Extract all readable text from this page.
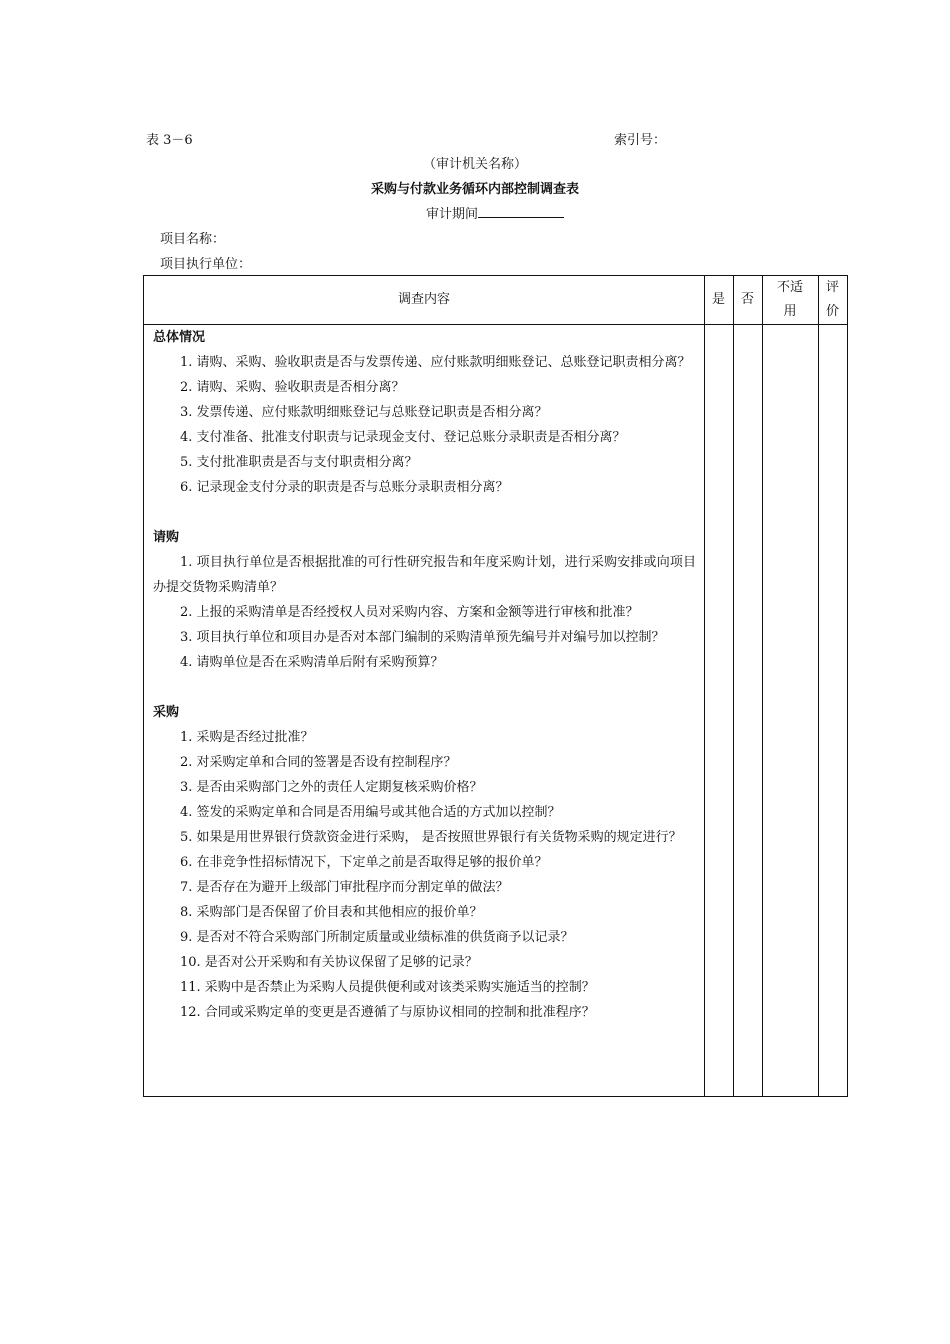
表 3－6	索引号：
（审计机关名称）
采购与付款业务循环内部控制调查表
审计期间
项目名称：
项目执行单位：
调查内容	是 否
不适
用
评
价
总体情况
1. 请购、采购、验收职责是否与发票传递、应付账款明细账登记、总账登记职责相分离？
2. 请购、采购、验收职责是否相分离？
3. 发票传递、应付账款明细账登记与总账登记职责是否相分离？
4. 支付准备、批准支付职责与记录现金支付、登记总账分录职责是否相分离？
5. 支付批准职责是否与支付职责相分离？
6. 记录现金支付分录的职责是否与总账分录职责相分离？
请购
1. 项目执行单位是否根据批准的可行性研究报告和年度采购计划，进行采购安排或向项目办提交货物采购清单？
2. 上报的采购清单是否经授权人员对采购内容、方案和金额等进行审核和批准？
3. 项目执行单位和项目办是否对本部门编制的采购清单预先编号并对编号加以控制？
4. 请购单位是否在采购清单后附有采购预算？
采购
1. 采购是否经过批准？
2. 对采购定单和合同的签署是否设有控制程序？
3. 是否由采购部门之外的责任人定期复核采购价格？
4. 签发的采购定单和合同是否用编号或其他合适的方式加以控制？
5. 如果是用世界银行贷款资金进行采购， 是否按照世界银行有关货物采购的规定进行？
6. 在非竞争性招标情况下，下定单之前是否取得足够的报价单？
7. 是否存在为避开上级部门审批程序而分割定单的做法？
8. 采购部门是否保留了价目表和其他相应的报价单？
9. 是否对不符合采购部门所制定质量或业绩标准的供货商予以记录？
10. 是否对公开采购和有关协议保留了足够的记录？
11. 采购中是否禁止为采购人员提供便利或对该类采购实施适当的控制？
12. 合同或采购定单的变更是否遵循了与原协议相同的控制和批准程序？
